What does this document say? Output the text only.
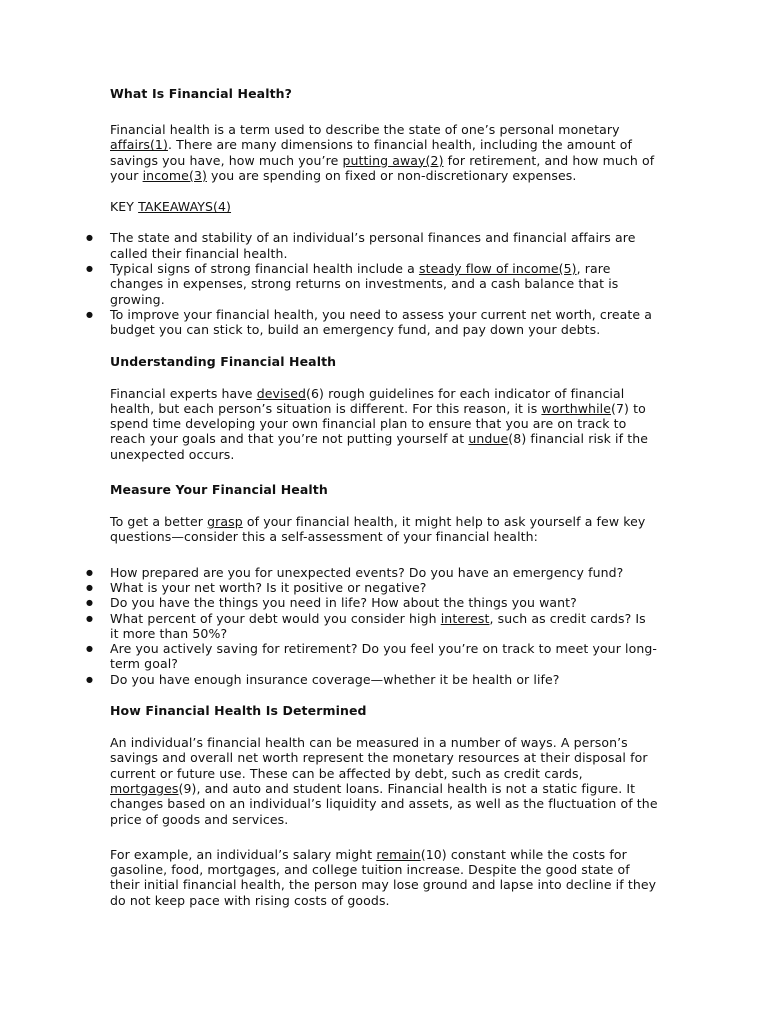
What Is Financial Health?

Financial health is a term used to describe the state of one’s personal monetary affairs(1). There are many dimensions to financial health, including the amount of savings you have, how much you’re putting away(2) for retirement, and how much of your income(3) you are spending on fixed or non-discretionary expenses.

KEY TAKEAWAYS(4)

● The state and stability of an individual’s personal finances and financial affairs are called their financial health.
● Typical signs of strong financial health include a steady flow of income(5), rare changes in expenses, strong returns on investments, and a cash balance that is growing.
● To improve your financial health, you need to assess your current net worth, create a budget you can stick to, build an emergency fund, and pay down your debts.
Understanding Financial Health

Financial experts have devised(6) rough guidelines for each indicator of financial health, but each person’s situation is different. For this reason, it is worthwhile(7) to spend time developing your own financial plan to ensure that you are on track to reach your goals and that you’re not putting yourself at undue(8) financial risk if the unexpected occurs.

Measure Your Financial Health

To get a better grasp of your financial health, it might help to ask yourself a few key questions—consider this a self-assessment of your financial health:

● How prepared are you for unexpected events? Do you have an emergency fund?
● What is your net worth? Is it positive or negative?
● Do you have the things you need in life? How about the things you want?
● What percent of your debt would you consider high interest, such as credit cards? Is it more than 50%?
● Are you actively saving for retirement? Do you feel you’re on track to meet your long-term goal?
● Do you have enough insurance coverage—whether it be health or life?
How Financial Health Is Determined

An individual’s financial health can be measured in a number of ways. A person’s savings and overall net worth represent the monetary resources at their disposal for current or future use. These can be affected by debt, such as credit cards, mortgages(9), and auto and student loans. Financial health is not a static figure. It changes based on an individual’s liquidity and assets, as well as the fluctuation of the price of goods and services.

For example, an individual’s salary might remain(10) constant while the costs for gasoline, food, mortgages, and college tuition increase. Despite the good state of their initial financial health, the person may lose ground and lapse into decline if they do not keep pace with rising costs of goods.
